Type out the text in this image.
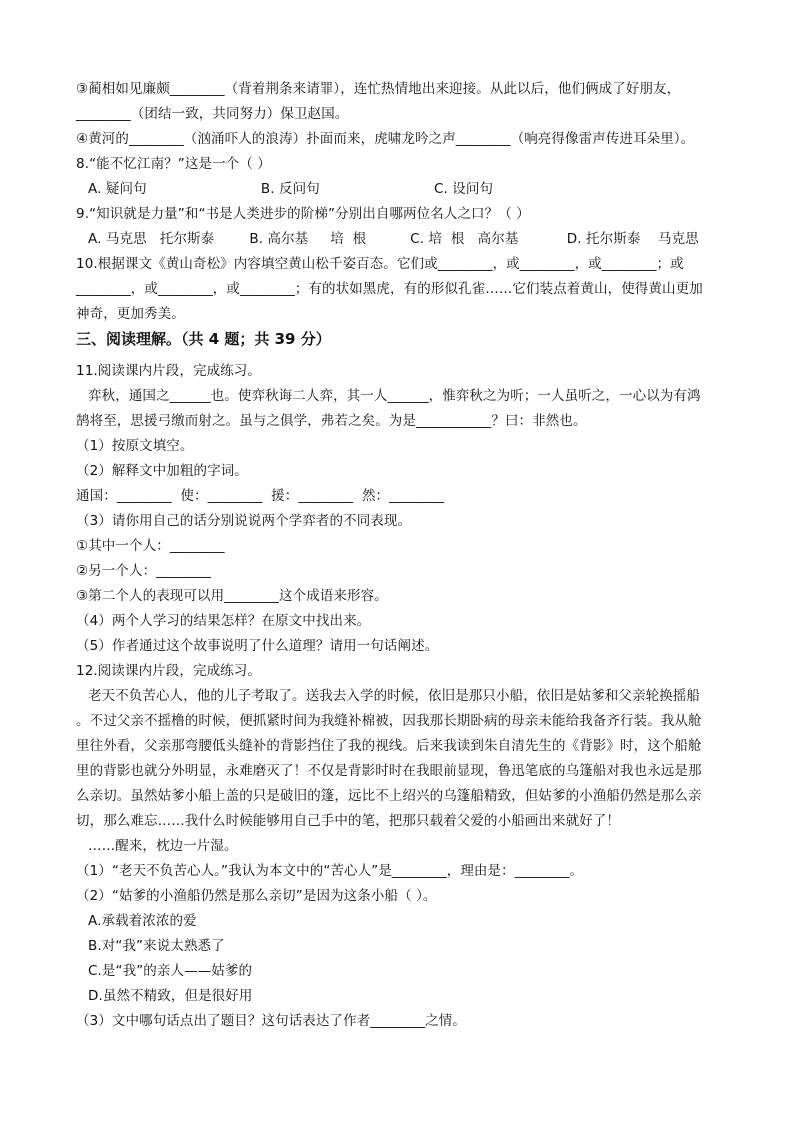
③蔺相如见廉颇________（背着荆条来请罪），连忙热情地出来迎接。从此以后，他们俩成了好朋友，
________（团结一致，共同努力）保卫赵国。
④黄河的________（汹涌吓人的浪涛）扑面而来，虎啸龙吟之声________（响亮得像雷声传进耳朵里）。
8.“能不忆江南？”这是一个（ ）
A. 疑问句                          B. 反问句                          C. 设问句
9.“知识就是力量”和“书是人类进步的阶梯”分别出自哪两位名人之口？（ ）
A. 马克思   托尔斯泰        B. 高尔基     培  根          C. 培  根   高尔基           D. 托尔斯泰    马克思
10.根据课文《黄山奇松》内容填空黄山松千姿百态。它们或________，或________，或________；或
________，或________，或________；有的状如黑虎，有的形似孔雀……它们装点着黄山，使得黄山更加
神奇，更加秀美。
三、阅读理解。（共 4 题；共 39 分）
11.阅读课内片段，完成练习。
弈秋，通国之______也。使弈秋诲二人弈，其一人______，惟弈秋之为听；一人虽听之，一心以为有鸿
鹄将至，思援弓缴而射之。虽与之俱学，弗若之矣。为是___________？曰：非然也。
（1）按原文填空。
（2）解释文中加粗的字词。
通国：________  使：________  援：________  然：________
（3）请你用自己的话分别说说两个学弈者的不同表现。
①其中一个人：________
②另一个人：________
③第二个人的表现可以用________这个成语来形容。
（4）两个人学习的结果怎样？在原文中找出来。
（5）作者通过这个故事说明了什么道理？请用一句话阐述。
12.阅读课内片段，完成练习。
老天不负苦心人，他的儿子考取了。送我去入学的时候，依旧是那只小船，依旧是姑爹和父亲轮换摇船
。不过父亲不摇橹的时候，便抓紧时间为我缝补棉被，因我那长期卧病的母亲未能给我备齐行装。我从舱
里往外看，父亲那弯腰低头缝补的背影挡住了我的视线。后来我读到朱自清先生的《背影》时，这个船舱
里的背影也就分外明显，永难磨灭了！不仅是背影时时在我眼前显现，鲁迅笔底的乌篷船对我也永远是那
么亲切。虽然姑爹小船上盖的只是破旧的篷，远比不上绍兴的乌篷船精致，但姑爹的小渔船仍然是那么亲
切，那么难忘……我什么时候能够用自己手中的笔，把那只载着父爱的小船画出来就好了！
……醒来，枕边一片湿。
（1）“老天不负苦心人。”我认为本文中的“苦心人”是________，理由是：________。
（2）“姑爹的小渔船仍然是那么亲切”是因为这条小船（ ）。
A.承载着浓浓的爱
B.对“我”来说太熟悉了
C.是“我”的亲人——姑爹的
D.虽然不精致，但是很好用
（3）文中哪句话点出了题目？这句话表达了作者________之情。
